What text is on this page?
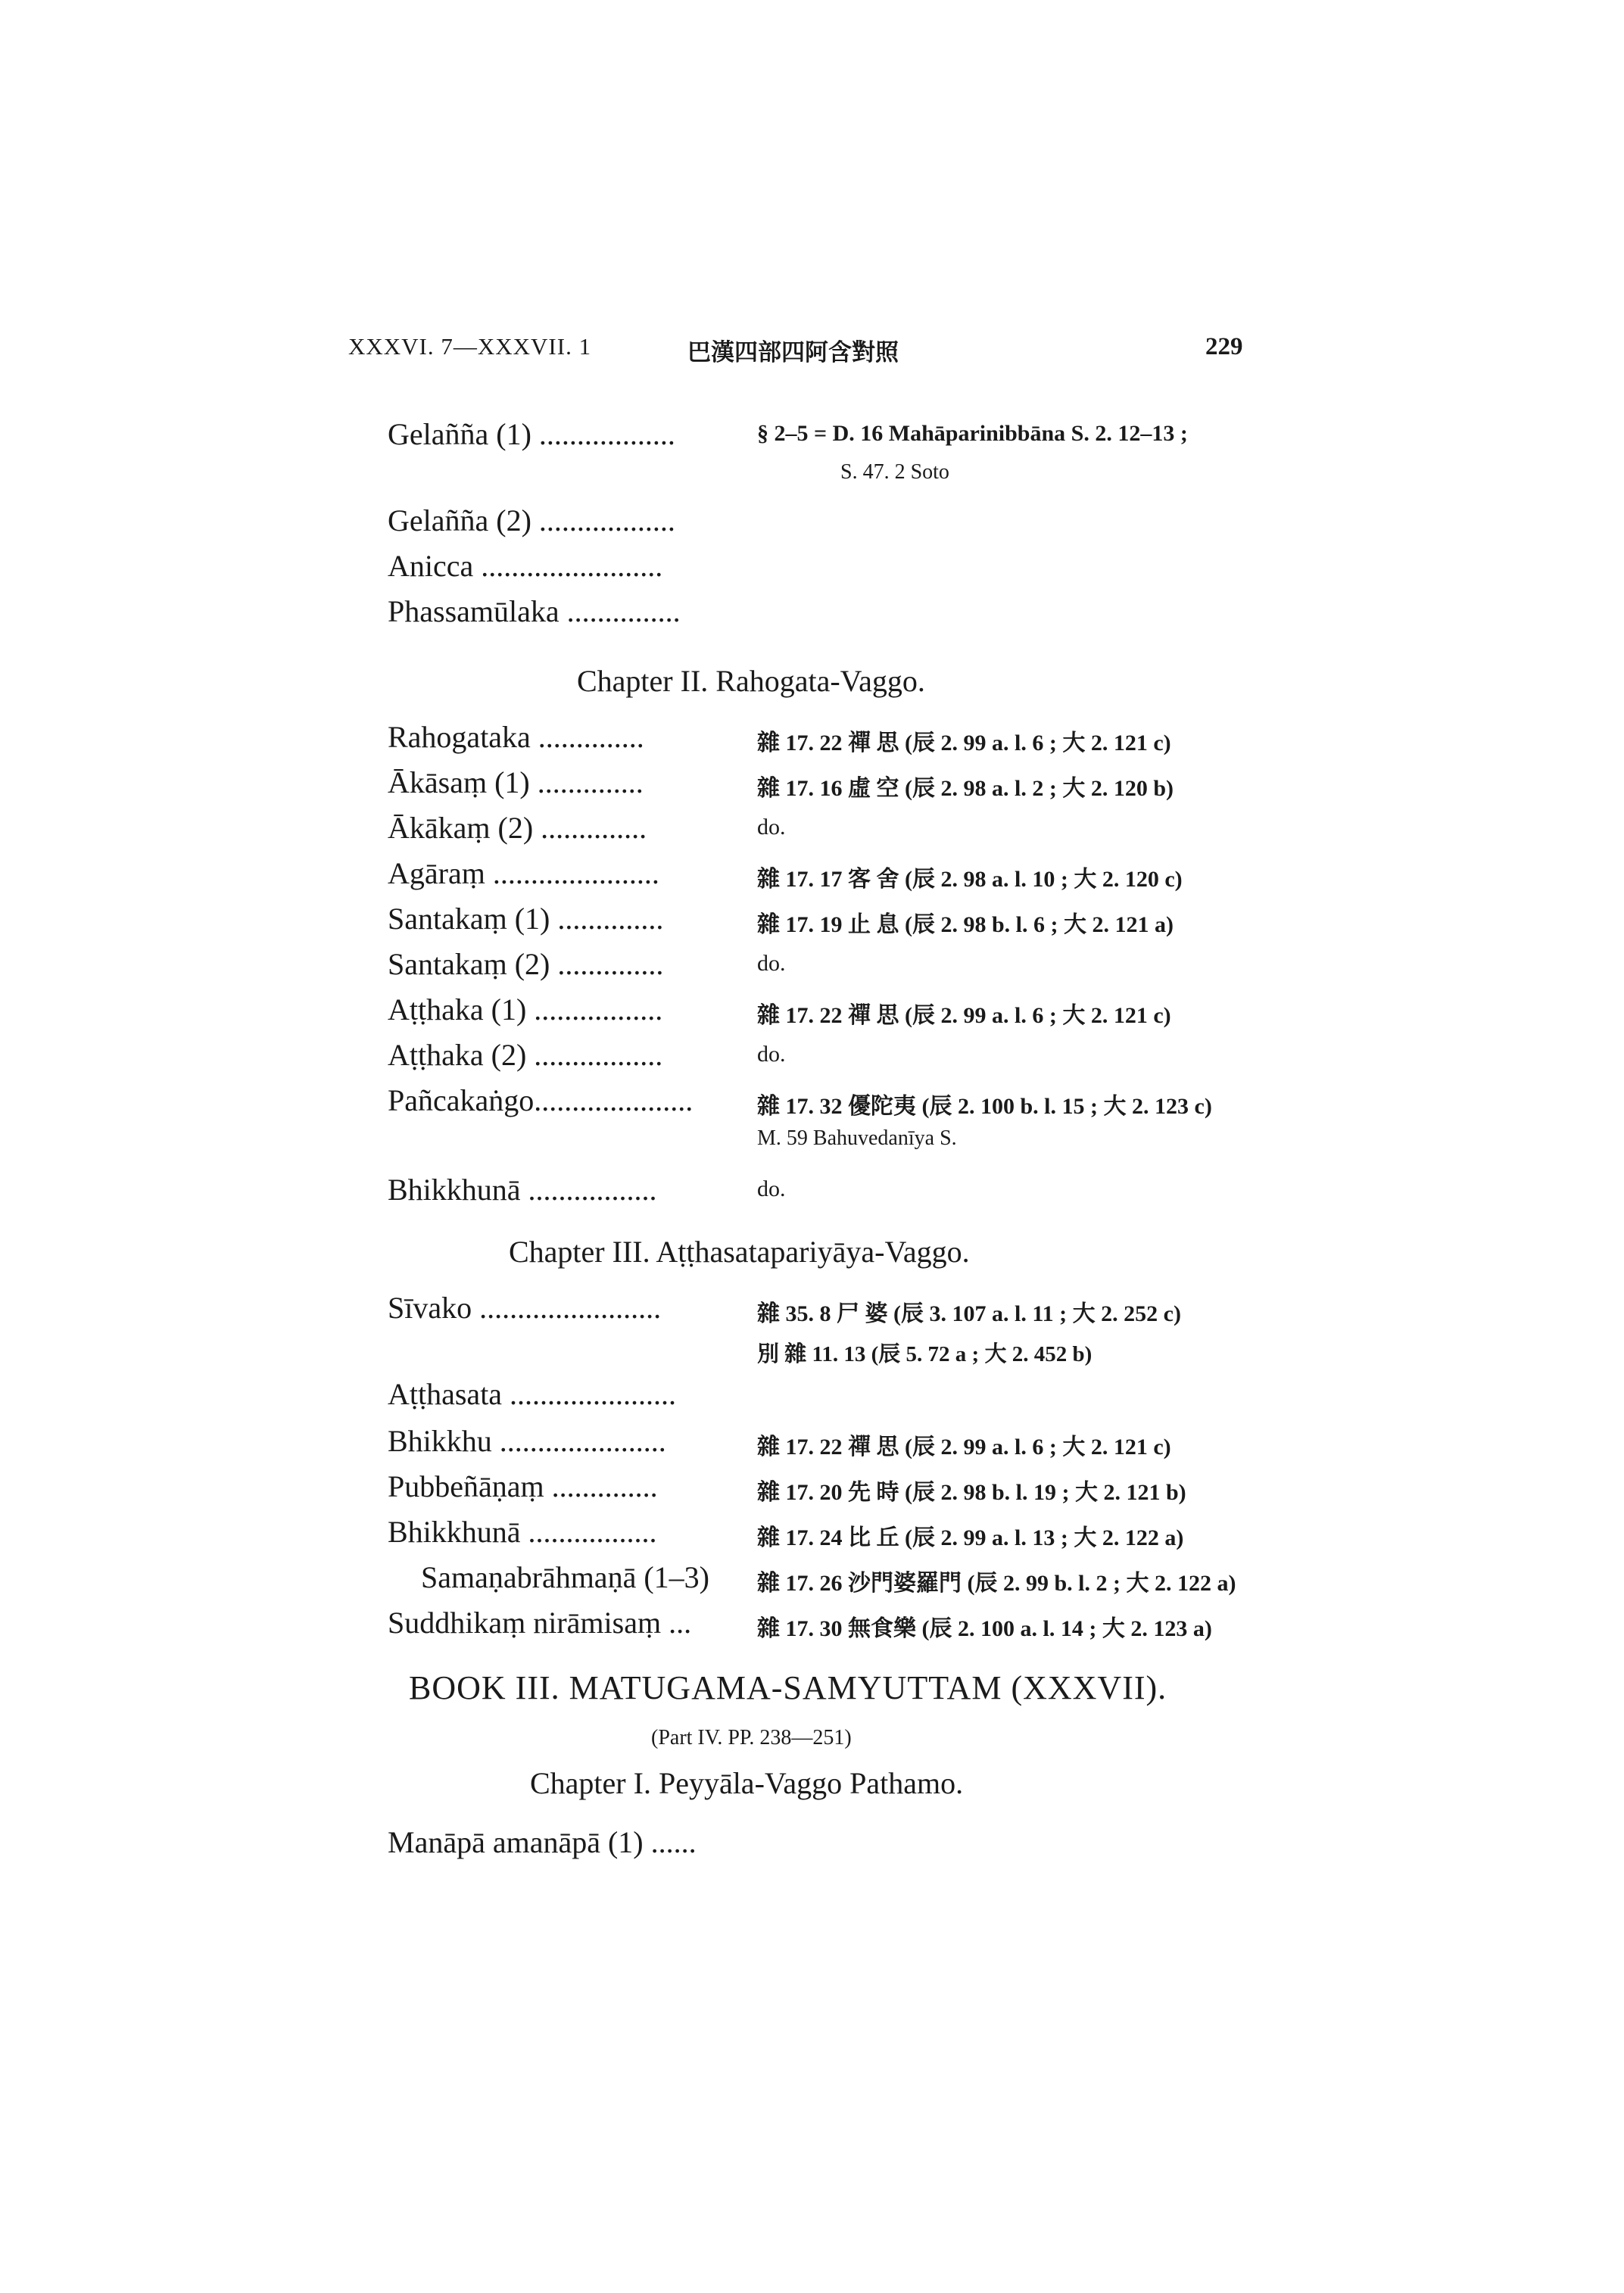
XXXVI. 7—XXXVII. 1	巴漢四部四阿含對照	229
Gelañña (1) ..................	§ 2–5 = D. 16 Mahāparinibbāna S. 2. 12–13 ;
S. 47. 2 Soto
Gelañña (2) ..................
Anicca ........................
Phassamūlaka ...............
Chapter II. Rahogata-Vaggo.
Rahogataka ..............	雜 17. 22 禪 思 (辰 2. 99 a. l. 6 ; 大 2. 121 c)
Ākāsaṃ (1) ..............	雜 17. 16 虛 空 (辰 2. 98 a. l. 2 ; 大 2. 120 b)
Ākākaṃ (2) ..............	do.
Agāraṃ ......................	雜 17. 17 客 舍 (辰 2. 98 a. l. 10 ; 大 2. 120 c)
Santakaṃ (1) ..............	雜 17. 19 止 息 (辰 2. 98 b. l. 6 ; 大 2. 121 a)
Santakaṃ (2) ..............	do.
Aṭṭhaka (1) .................	雜 17. 22 禪 思 (辰 2. 99 a. l. 6 ; 大 2. 121 c)
Aṭṭhaka (2) .................	do.
Pañcakaṅgo.....................	雜 17. 32 優陀夷 (辰 2. 100 b. l. 15 ; 大 2. 123 c)
M. 59 Bahuvedanīya S.
Bhikkhunā .................	do.
Chapter III. Aṭṭhasatapariyāya-Vaggo.
Sīvako ........................	雜 35. 8 尸 婆 (辰 3. 107 a. l. 11 ; 大 2. 252 c)
別 雜 11. 13 (辰 5. 72 a ; 大 2. 452 b)
Aṭṭhasata ......................
Bhikkhu ......................	雜 17. 22 禪 思 (辰 2. 99 a. l. 6 ; 大 2. 121 c)
Pubbeñāṇaṃ ..............	雜 17. 20 先 時 (辰 2. 98 b. l. 19 ; 大 2. 121 b)
Bhikkhunā .................	雜 17. 24 比 丘 (辰 2. 99 a. l. 13 ; 大 2. 122 a)
Samaṇabrāhmaṇā (1–3) 雜 17. 26 沙門婆羅門 (辰 2. 99 b. l. 2 ; 大 2. 122 a)
Suddhikaṃ nirāmisaṃ ...	雜 17. 30 無食樂 (辰 2. 100 a. l. 14 ; 大 2. 123 a)
BOOK III. MATUGAMA-SAMYUTTAM (XXXVII).
(Part IV. PP. 238—251)
Chapter I. Peyyāla-Vaggo Pathamo.
Manāpā amanāpā (1) ......
